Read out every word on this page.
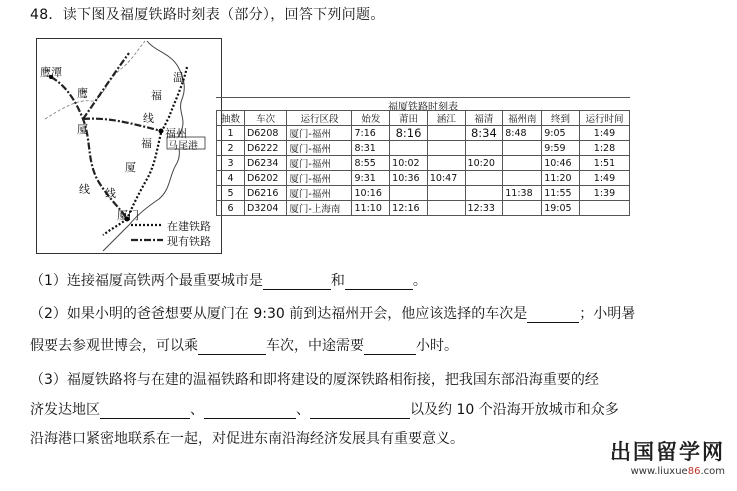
48．读下图及福厦铁路时刻表（部分），回答下列问题。
鹰潭	温
鹰	福
厦
线
福州
福 马尾港
厦
线 线
厦门
在建铁路
现有铁路
福厦铁路时刻表
抽数	车次	运行区段	始发	莆田	涵江	福清	福州南	终到	运行时间
1	D6208	厦门-福州	7:16	8:16		8:34	8:48	9:05	1:49
2	D6222	厦门-福州	8:31					9:59	1:28
3	D6234	厦门-福州	8:55	10:02		10:20		10:46	1:51
4	D6202	厦门-福州	9:31	10:36	10:47			11:20	1:49
5	D6216	厦门-福州	10:16				11:38	11:55	1:39
6	D3204	厦门-上海南	11:10	12:16		12:33		19:05	
（1）连接福厦高铁两个最重要城市是	和	。
（2）如果小明的爸爸想要从厦门在 9:30 前到达福州开会，他应该选择的车次是	；小明暑
假要去参观世博会，可以乘	车次，中途需要	小时。
（3）福厦铁路将与在建的温福铁路和即将建设的厦深铁路相衔接，把我国东部沿海重要的经
济发达地区	、	、	以及约 10 个沿海开放城市和众多
沿海港口紧密地联系在一起，对促进东南沿海经济发展具有重要意义。
出国留学网
www.liuxue86.com
